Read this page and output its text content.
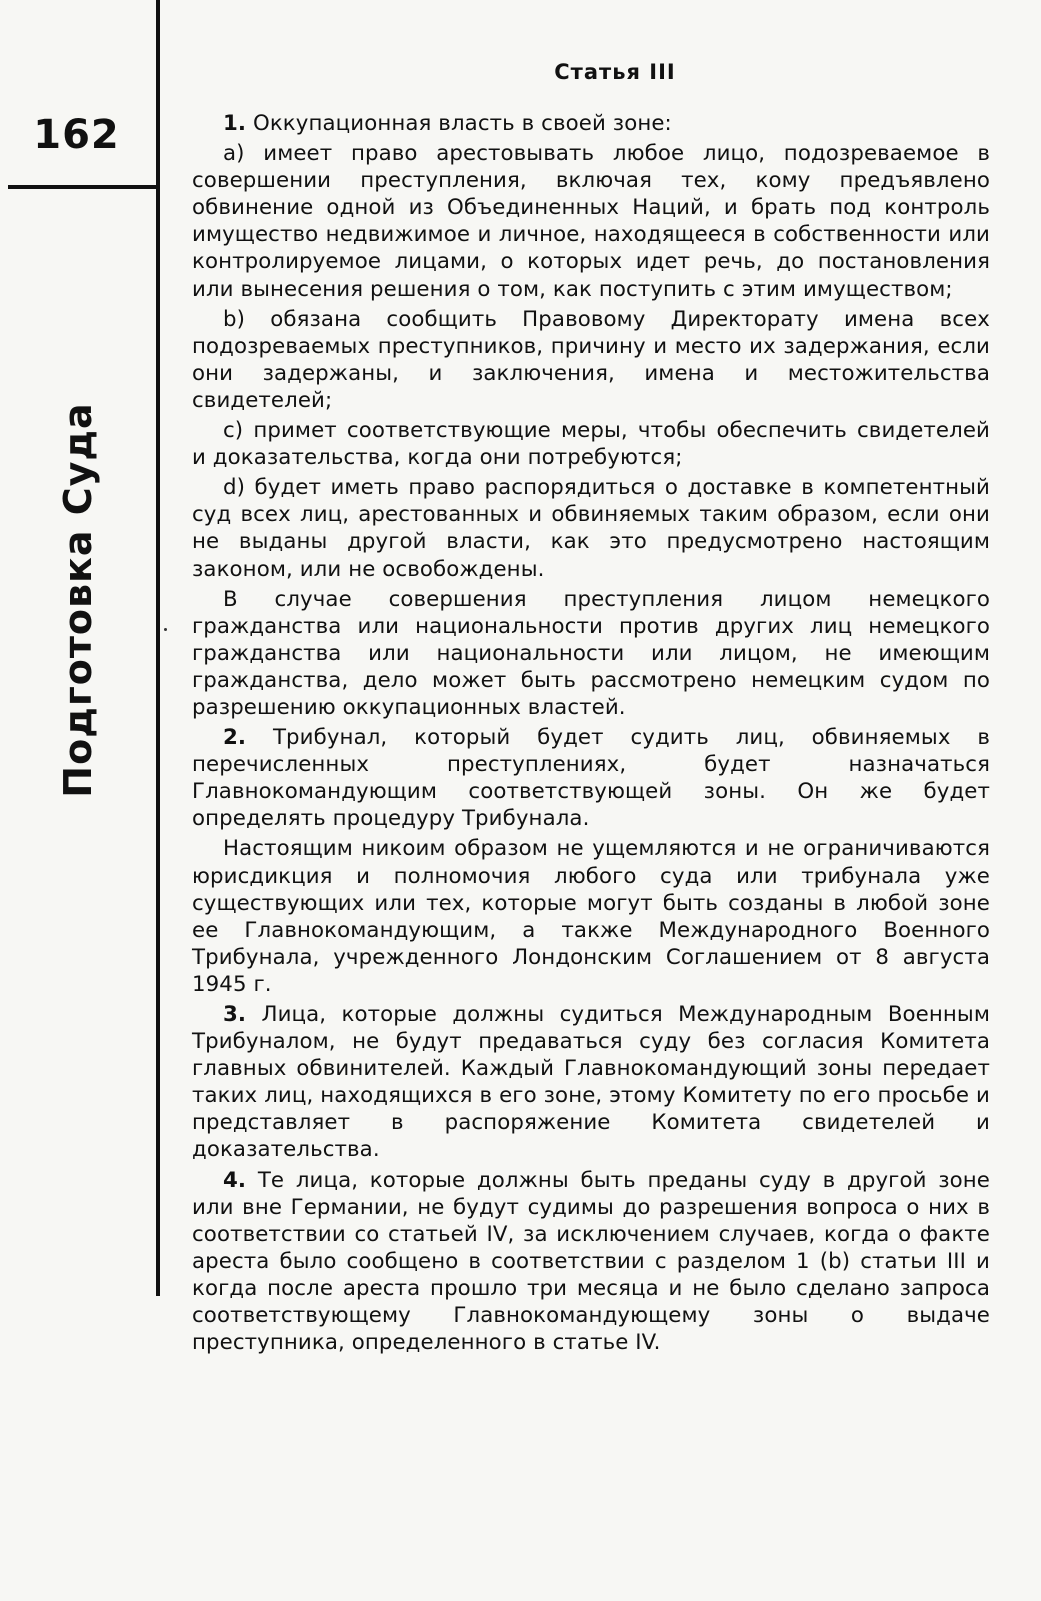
162
Подготовка Суда
Статья III

1. Оккупационная власть в своей зоне:

а) имеет право арестовывать любое лицо, подозреваемое в совершении преступления, включая тех, кому предъявлено обвинение одной из Объединенных Наций, и брать под контроль имущество недвижимое и личное, находящееся в собственности или контролируемое лицами, о которых идет речь, до постановления или вынесения решения о том, как поступить с этим имуществом;

b) обязана сообщить Правовому Директорату имена всех подозреваемых преступников, причину и место их задержания, если они задержаны, и заключения, имена и местожительства свидетелей;

с) примет соответствующие меры, чтобы обеспечить свидетелей и доказательства, когда они потребуются;

d) будет иметь право распорядиться о доставке в компетентный суд всех лиц, арестованных и обвиняемых таким образом, если они не выданы другой власти, как это предусмотрено настоящим законом, или не освобождены.

В случае совершения преступления лицом немецкого гражданства или национальности против других лиц немецкого гражданства или национальности или лицом, не имеющим гражданства, дело может быть рассмотрено немецким судом по разрешению оккупационных властей.

2. Трибунал, который будет судить лиц, обвиняемых в перечисленных преступлениях, будет назначаться Главнокомандующим соответствующей зоны. Он же будет определять процедуру Трибунала.

Настоящим никоим образом не ущемляются и не ограничиваются юрисдикция и полномочия любого суда или трибунала уже существующих или тех, которые могут быть созданы в любой зоне ее Главнокомандующим, а также Международного Военного Трибунала, учрежденного Лондонским Соглашением от 8 августа 1945 г.

3. Лица, которые должны судиться Международным Военным Трибуналом, не будут предаваться суду без согласия Комитета главных обвинителей. Каждый Главнокомандующий зоны передает таких лиц, находящихся в его зоне, этому Комитету по его просьбе и представляет в распоряжение Комитета свидетелей и доказательства.

4. Те лица, которые должны быть преданы суду в другой зоне или вне Германии, не будут судимы до разрешения вопроса о них в соответствии со статьей IV, за исключением случаев, когда о факте ареста было сообщено в соответствии с разделом 1 (b) статьи III и когда после ареста прошло три месяца и не было сделано запроса соответствующему Главнокомандующему зоны о выдаче преступника, определенного в статье IV.
